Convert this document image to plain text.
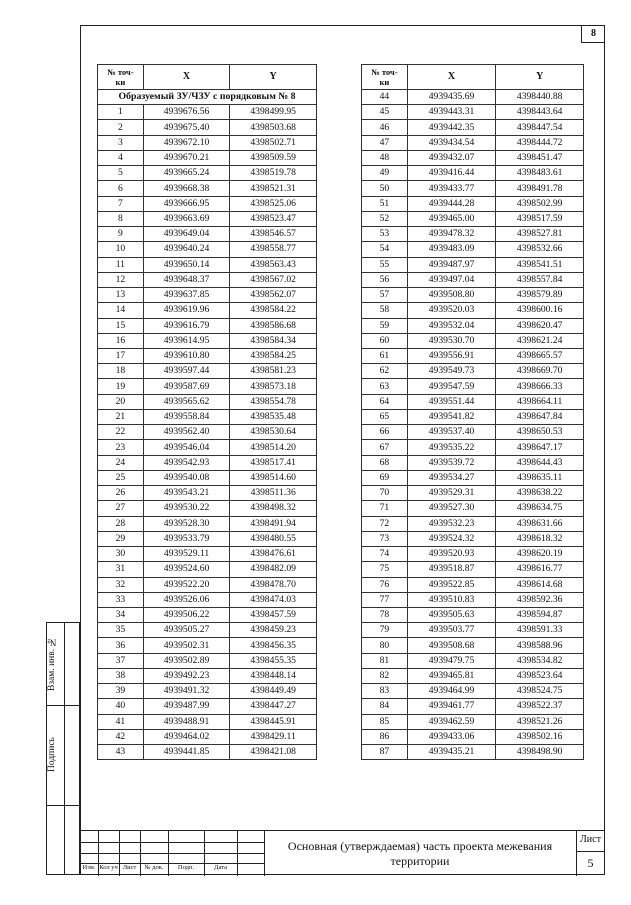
8
№ точ-
ки	X	Y
Образуемый ЗУ/ЧЗУ с порядковым № 8		
1	4939676.56	4398499.95
2	4939675.40	4398503.68
3	4939672.10	4398502.71
4	4939670.21	4398509.59
5	4939665.24	4398519.78
6	4939668.38	4398521.31
7	4939666.95	4398525.06
8	4939663.69	4398523.47
9	4939649.04	4398546.57
10	4939640.24	4398558.77
11	4939650.14	4398563.43
12	4939648.37	4398567.02
13	4939637.85	4398562.07
14	4939619.96	4398584.22
15	4939616.79	4398586.68
16	4939614.95	4398584.34
17	4939610.80	4398584.25
18	4939597.44	4398581.23
19	4939587.69	4398573.18
20	4939565.62	4398554.78
21	4939558.84	4398535.48
22	4939562.40	4398530.64
23	4939546.04	4398514.20
24	4939542.93	4398517.41
25	4939540.08	4398514.60
26	4939543.21	4398511.36
27	4939530.22	4398498.32
28	4939528.30	4398491.94
29	4939533.79	4398480.55
30	4939529.11	4398476.61
31	4939524.60	4398482.09
32	4939522.20	4398478.70
33	4939526.06	4398474.03
34	4939506.22	4398457.59
35	4939505.27	4398459.23
36	4939502.31	4398456.35
37	4939502.89	4398455.35
38	4939492.23	4398448.14
39	4939491.32	4398449.49
40	4939487.99	4398447.27
41	4939488.91	4398445.91
42	4939464.02	4398429.11
43	4939441.85	4398421.08
№ точ-
ки	X	Y
44	4939435.69	4398440.88
45	4939443.31	4398443.64
46	4939442.35	4398447.54
47	4939434.54	4398444.72
48	4939432.07	4398451.47
49	4939416.44	4398483.61
50	4939433.77	4398491.78
51	4939444.28	4398502.99
52	4939465.00	4398517.59
53	4939478.32	4398527.81
54	4939483.09	4398532.66
55	4939487.97	4398541.51
56	4939497.04	4398557.84
57	4939508.80	4398579.89
58	4939520.03	4398600.16
59	4939532.04	4398620.47
60	4939530.70	4398621.24
61	4939556.91	4398665.57
62	4939549.73	4398669.70
63	4939547.59	4398666.33
64	4939551.44	4398664.11
65	4939541.82	4398647.84
66	4939537.40	4398650.53
67	4939535.22	4398647.17
68	4939539.72	4398644.43
69	4939534.27	4398635.11
70	4939529.31	4398638.22
71	4939527.30	4398634.75
72	4939532.23	4398631.66
73	4939524.32	4398618.32
74	4939520.93	4398620.19
75	4939518.87	4398616.77
76	4939522.85	4398614.68
77	4939510.83	4398592.36
78	4939505.63	4398594.87
79	4939503.77	4398591.33
80	4939508.68	4398588.96
81	4939479.75	4398534.82
82	4939465.81	4398523.64
83	4939464.99	4398524.75
84	4939461.77	4398522.37
85	4939462.59	4398521.26
86	4939433.06	4398502.16
87	4939435.21	4398498.90
Взам. инв. №
Подпись
Изм. Кол уч Лист	№ док.	Подп.	Дата
Основная (утверждаемая) часть проекта межевания территории
Лист
5
